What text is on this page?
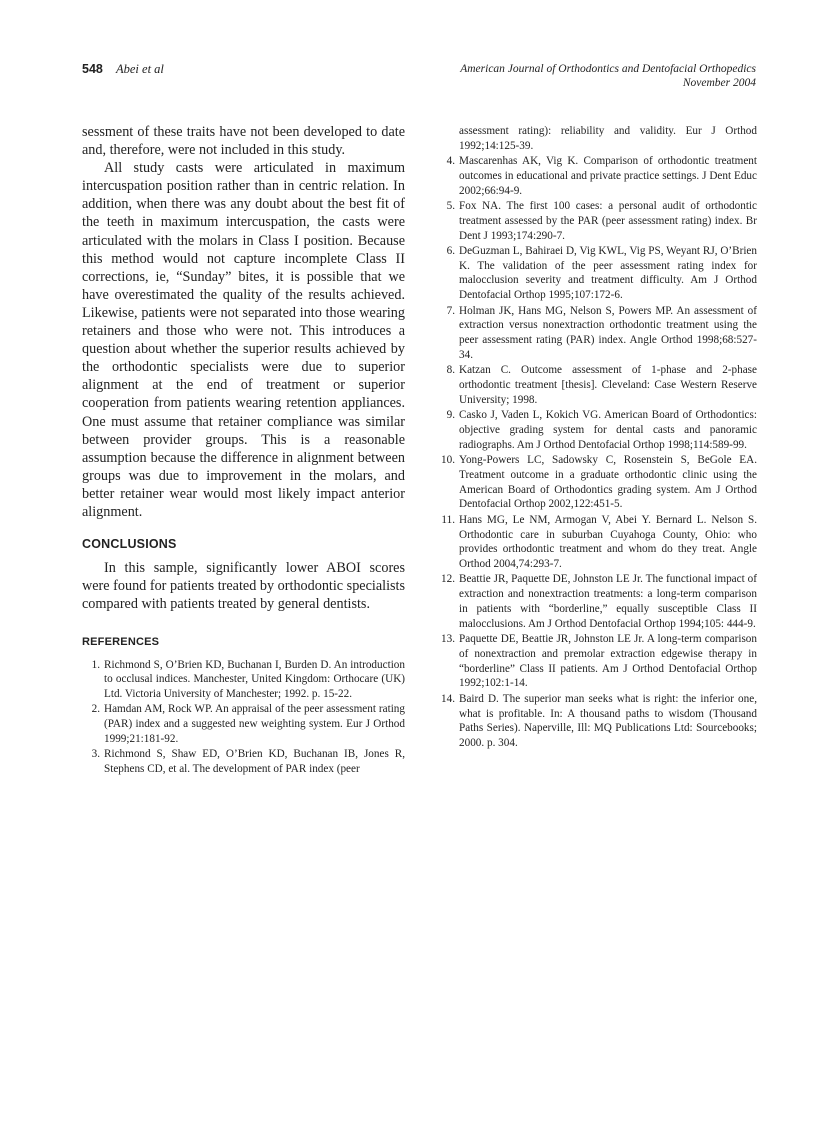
548 Abei et al	American Journal of Orthodontics and Dentofacial Orthopedics
November 2004

sessment of these traits have not been developed to date and, therefore, were not included in this study.

All study casts were articulated in maximum intercuspation position rather than in centric relation. In addition, when there was any doubt about the best fit of the teeth in maximum intercuspation, the casts were articulated with the molars in Class I position. Because this method would not capture incomplete Class II corrections, ie, “Sunday” bites, it is possible that we have overestimated the quality of the results achieved. Likewise, patients were not separated into those wearing retainers and those who were not. This introduces a question about whether the superior results achieved by the orthodontic specialists were due to superior alignment at the end of treatment or superior cooperation from patients wearing retention appliances. One must assume that retainer compliance was similar between provider groups. This is a reasonable assumption because the difference in alignment between groups was due to improvement in the molars, and better retainer wear would most likely impact anterior alignment.

CONCLUSIONS

In this sample, significantly lower ABOI scores were found for patients treated by orthodontic specialists compared with patients treated by general dentists.

REFERENCES
1. Richmond S, O’Brien KD, Buchanan I, Burden D. An introduction to occlusal indices. Manchester, United Kingdom: Orthocare (UK) Ltd. Victoria University of Manchester; 1992. p. 15-22.
2. Hamdan AM, Rock WP. An appraisal of the peer assessment rating (PAR) index and a suggested new weighting system. Eur J Orthod 1999;21:181-92.
3. Richmond S, Shaw ED, O’Brien KD, Buchanan IB, Jones R, Stephens CD, et al. The development of PAR index (peer
assessment rating): reliability and validity. Eur J Orthod 1992;14:125-39.
4. Mascarenhas AK, Vig K. Comparison of orthodontic treatment outcomes in educational and private practice settings. J Dent Educ 2002;66:94-9.
5. Fox NA. The first 100 cases: a personal audit of orthodontic treatment assessed by the PAR (peer assessment rating) index. Br Dent J 1993;174:290-7.
6. DeGuzman L, Bahiraei D, Vig KWL, Vig PS, Weyant RJ, O’Brien K. The validation of the peer assessment rating index for malocclusion severity and treatment difficulty. Am J Orthod Dentofacial Orthop 1995;107:172-6.
7. Holman JK, Hans MG, Nelson S, Powers MP. An assessment of extraction versus nonextraction orthodontic treatment using the peer assessment rating (PAR) index. Angle Orthod 1998;68:527-34.
8. Katzan C. Outcome assessment of 1-phase and 2-phase orthodontic treatment [thesis]. Cleveland: Case Western Reserve University; 1998.
9. Casko J, Vaden L, Kokich VG. American Board of Orthodontics: objective grading system for dental casts and panoramic radiographs. Am J Orthod Dentofacial Orthop 1998;114:589-99.
10. Yong-Powers LC, Sadowsky C, Rosenstein S, BeGole EA. Treatment outcome in a graduate orthodontic clinic using the American Board of Orthodontics grading system. Am J Orthod Dentofacial Orthop 2002,122:451-5.
11. Hans MG, Le NM, Armogan V, Abei Y. Bernard L. Nelson S. Orthodontic care in suburban Cuyahoga County, Ohio: who provides orthodontic treatment and whom do they treat. Angle Orthod 2004,74:293-7.
12. Beattie JR, Paquette DE, Johnston LE Jr. The functional impact of extraction and nonextraction treatments: a long-term comparison in patients with “borderline,” equally susceptible Class II malocclusions. Am J Orthod Dentofacial Orthop 1994;105: 444-9.
13. Paquette DE, Beattie JR, Johnston LE Jr. A long-term comparison of nonextraction and premolar extraction edgewise therapy in “borderline” Class II patients. Am J Orthod Dentofacial Orthop 1992;102:1-14.
14. Baird D. The superior man seeks what is right: the inferior one, what is profitable. In: A thousand paths to wisdom (Thousand Paths Series). Naperville, Ill: MQ Publications Ltd: Sourcebooks; 2000. p. 304.
